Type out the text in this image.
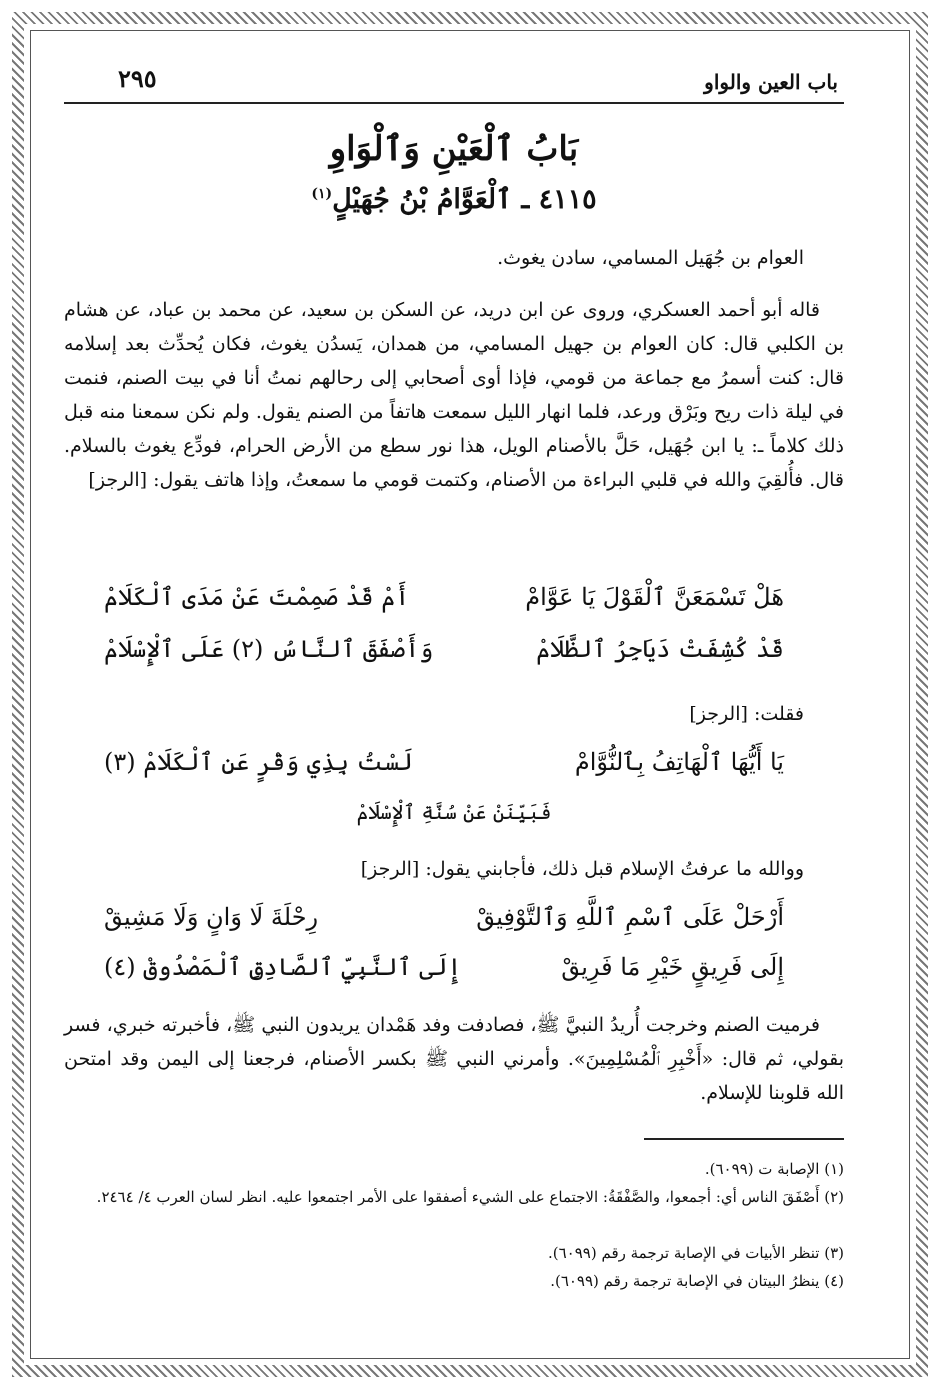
باب العين والواو
٢٩٥
بَابُ ٱلْعَيْنِ وَٱلْوَاوِ
٤١١٥ ـ ٱلْعَوَّامُ بْنُ جُهَيْلٍ$^{(١)}$
العوام بن جُهَيل المسامي، سادن يغوث.
قاله أبو أحمد العسكري، وروى عن ابن دريد، عن السكن بن سعيد، عن محمد بن عباد، عن هشام بن الكلبي قال: كان العوام بن جهيل المسامي، من همدان، يَسدُن يغوث، فكان يُحدِّث بعد إسلامه قال: كنت أسمرُ مع جماعة من قومي، فإذا أوى أصحابي إلى رحالهم نمتُ أنا في بيت الصنم، فنمت في ليلة ذات ريح وبَرْق ورعد، فلما انهار الليل سمعت هاتفاً من الصنم يقول. ولم نكن سمعنا منه قبل ذلك كلاماً ـ: يا ابن جُهَيل، حَلَّ بالأصنام الويل، هذا نور سطع من الأرض الحرام، فودِّع يغوث بالسلام. قال. فأُلقِيَ والله في قلبي البراءة من الأصنام، وكتمت قومي ما سمعتُ، وإذا هاتف يقول: [الرجز]
هَلْ تَسْمَعَنَّ ٱلْقَوْلَ يَا عَوَّامْ
أَمْ قَدْ صَمِمْتَ عَنْ مَدَى ٱلْكَلَامْ
قَدْ كُشِفَتْ دَيَاجِرُ ٱلظَّلَامْ
وَأَصْفَقَ ٱلنَّاسُ (٢) عَلَى ٱلْإِسْلَامْ
فقلت: [الرجز]
يَا أَيُّهَا ٱلْهَاتِفُ بِٱلنُّوَّامْ
لَسْتُ بِذِي وَقْرٍ عَنِ ٱلْكَلَامْ (٣)
فَبَيِّنَنْ عَنْ سُنَّةِ ٱلْإِسْلَامْ
ووالله ما عرفتُ الإسلام قبل ذلك، فأجابني يقول: [الرجز]
أَرْحَلْ عَلَى ٱسْمِ ٱللَّهِ وَٱلتَّوْفِيقْ
رِحْلَةَ لَا وَانٍ وَلَا مَشِيقْ
إِلَى فَرِيقٍ خَيْرِ مَا فَرِيقْ
إِلَى ٱلنَّبِيِّ ٱلصَّادِقِ ٱلْمَصْدُوقْ (٤)
فرميت الصنم وخرجت أُريدُ النبيَّ ﷺ، فصادفت وفد هَمْدان يريدون النبي ﷺ، فأخبرته خبري، فسر بقولي، ثم قال: «أَخْبِرِ ٱلْمُسْلِمِينَ». وأمرني النبي ﷺ بكسر الأصنام، فرجعنا إلى اليمن وقد امتحن الله قلوبنا للإسلام.
(١) الإصابة ت (٦٠٩٩).
(٢) أَصْفَقَ الناس أي: أجمعوا، والصَّفْقَةُ: الاجتماع على الشيء أصفقوا على الأمر اجتمعوا عليه. انظر لسان العرب ٤/ ٢٤٦٤.
(٣) تنظر الأبيات في الإصابة ترجمة رقم (٦٠٩٩).
(٤) ينظرُ البيتان في الإصابة ترجمة رقم (٦٠٩٩).
